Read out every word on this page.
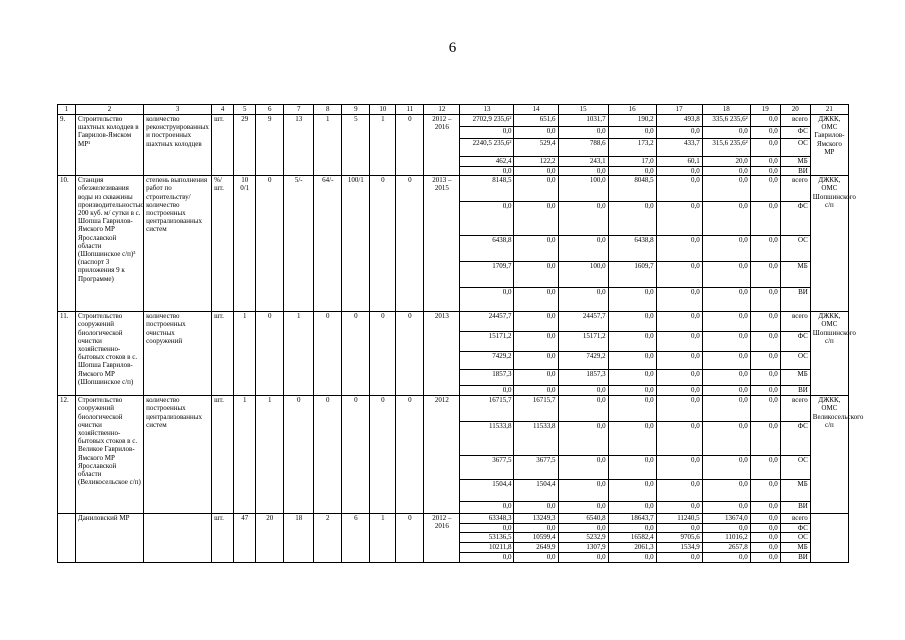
6
1	2	3	4	5	6	7	8	9	10	11	12	13	14	15	16	17	18	19	20	21
9.	Строительство шахтных колодцев в Гаврилов-Ямском МР¹	количество реконструированных и построенных шахтных колодцев	шт.	29	9	13	1	5	1	0	2012 – 2016	2702,9 235,6²	651,6	1031,7	190,2	493,8	335,6 235,6²	0,0	всего	ДЖКК, ОМС Гаврилов-Ямского МР
												0,0	0,0	0,0	0,0	0,0	0,0	0,0	ФС	
												2240,5 235,6²	529,4	788,6	173,2	433,7	315,6 235,6²	0,0	ОС	
												462,4	122,2	243,1	17,0	60,1	20,0	0,0	МБ	
												0,0	0,0	0,0	0,0	0,0	0,0	0,0	ВИ	
10.	Станция обезжелезивания воды из скважины производительностью 200 куб. м/ сутки в с. Шопша Гаврилов-Ямского МР Ярославской области (Шопшинское с/п)³ (паспорт 3 приложения 9 к Программе)	степень выполнения работ по строительству/ количество построенных централизованных систем	%/ шт.	10 0/1	0	5/-	64/-	100/1	0	0	2013 – 2015	8148,5	0,0	100,0	8048,5	0,0	0,0	0,0	всего	ДЖКК, ОМС Шопшинского с/п
												0,0	0,0	0,0	0,0	0,0	0,0	0,0	ФС	
												6438,8	0,0	0,0	6438,8	0,0	0,0	0,0	ОС	
												1709,7	0,0	100,0	1609,7	0,0	0,0	0,0	МБ	
												0,0	0,0	0,0	0,0	0,0	0,0	0,0	ВИ	
11.	Строительство сооружений биологической очистки хозяйственно-бытовых стоков в с. Шопша Гаврилов-Ямского МР (Шопшинское с/п)	количество построенных очистных сооружений	шт.	1	0	1	0	0	0	0	2013	24457,7	0,0	24457,7	0,0	0,0	0,0	0,0	всего	ДЖКК, ОМС Шопшинского с/п
												15171,2	0,0	15171,2	0,0	0,0	0,0	0,0	ФС	
												7429,2	0,0	7429,2	0,0	0,0	0,0	0,0	ОС	
												1857,3	0,0	1857,3	0,0	0,0	0,0	0,0	МБ	
												0,0	0,0	0,0	0,0	0,0	0,0	0,0	ВИ	
12.	Строительство сооружений биологической очистки хозяйственно-бытовых стоков в с. Великое Гаврилов-Ямского МР Ярославской области (Великосельское с/п)	количество построенных централизованных систем	шт.	1	1	0	0	0	0	0	2012	16715,7	16715,7	0,0	0,0	0,0	0,0	0,0	всего	ДЖКК, ОМС Великосельского с/п
												11533,8	11533,8	0,0	0,0	0,0	0,0	0,0	ФС	
												3677,5	3677,5	0,0	0,0	0,0	0,0	0,0	ОС	
												1504,4	1504,4	0,0	0,0	0,0	0,0	0,0	МБ	
												0,0	0,0	0,0	0,0	0,0	0,0	0,0	ВИ	
	Даниловский МР		шт.	47	20	18	2	6	1	0	2012 – 2016	63348,3	13249,3	6540,8	18643,7	11240,5	13674,0	0,0	всего	
												0,0	0,0	0,0	0,0	0,0	0,0	0,0	ФС	
												53136,5	10599,4	5232,9	16582,4	9705,6	11016,2	0,0	ОС	
												10211,8	2649,9	1307,9	2061,3	1534,9	2657,8	0,0	МБ	
												0,0	0,0	0,0	0,0	0,0	0,0	0,0	ВИ	
